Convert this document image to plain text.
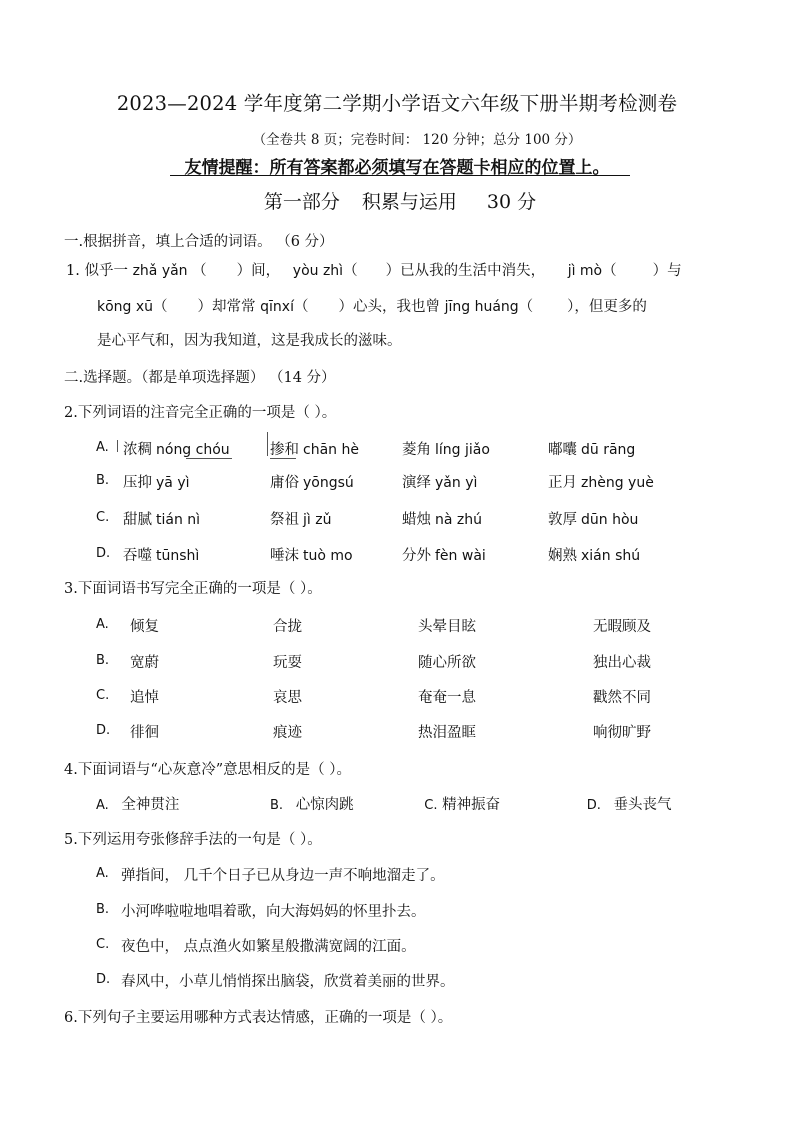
2023—2024 学年度第二学期小学语文六年级下册半期考检测卷
（全卷共 8 页；完卷时间： 120 分钟；总分 100 分）
友情提醒：所有答案都必须填写在答题卡相应的位置上。
第一部分 积累与运用 30 分
一.根据拼音，填上合适的词语。 （6 分）
1. 似乎一 zhǎ yǎn （ ）间， yòu zhì（ ）已从我的生活中消失， jì mò（ ）与
kōng xū（ ）却常常 qīnxí（ ）心头，我也曾 jīng huáng（ ），但更多的
是心平气和，因为我知道，这是我成长的滋味。
二.选择题。（都是单项选择题） （14 分）
2.下列词语的注音完全正确的一项是（ ）。
A. 浓稠 nóng chóu	掺和 chān hè	菱角 líng jiǎo	嘟囔 dū rāng
B. 压抑 yā yì	庸俗 yōngsú	演绎 yǎn yì	正月 zhèng yuè
C. 甜腻 tián nì	祭祖 jì zǔ	蜡烛 nà zhú	敦厚 dūn hòu
D. 吞噬 tūnshì	唾沫 tuò mo	分外 fèn wài	娴熟 xián shú
3.下面词语书写完全正确的一项是（ ）。
A. 倾复	合拢	头晕目眩	无暇顾及
B. 宽蔚	玩耍	随心所欲	独出心裁
C. 追悼	哀思	奄奄一息	戳然不同
D. 徘徊	痕迹	热泪盈眶	响彻旷野
4.下面词语与“心灰意冷”意思相反的是（ ）。
A. 全神贯注	B. 心惊肉跳	C. 精神振奋	D. 垂头丧气
5.下列运用夸张修辞手法的一句是（ ）。
A. 弹指间， 几千个日子已从身边一声不响地溜走了。
B. 小河哗啦啦地唱着歌，向大海妈妈的怀里扑去。
C. 夜色中， 点点渔火如繁星般撒满宽阔的江面。
D. 春风中，小草儿悄悄探出脑袋，欣赏着美丽的世界。
6.下列句子主要运用哪种方式表达情感，正确的一项是（ ）。
